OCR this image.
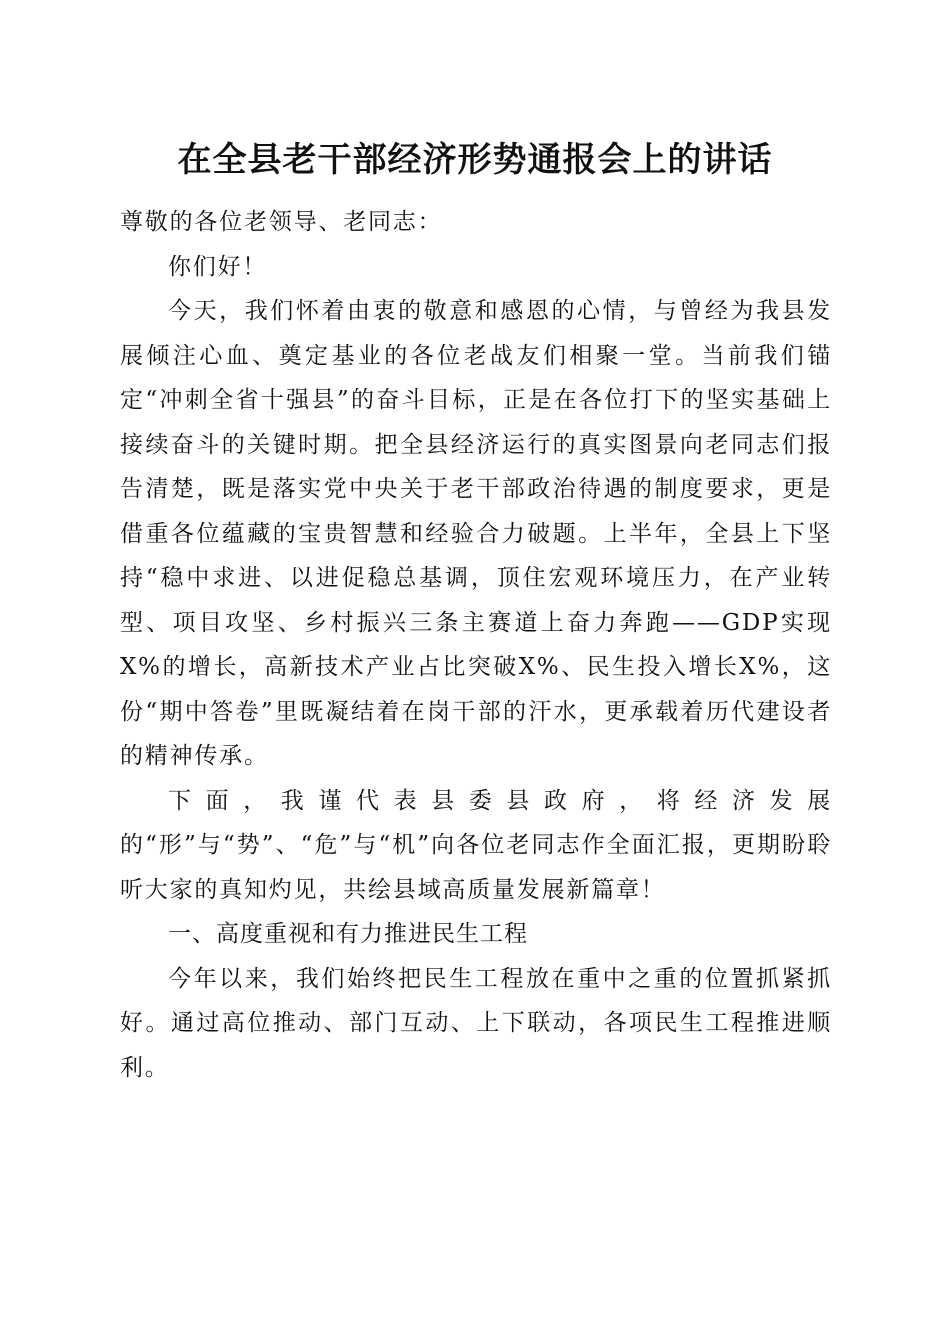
在全县老干部经济形势通报会上的讲话

尊敬的各位老领导、老同志：

你们好！

今天，我们怀着由衷的敬意和感恩的心情，与曾经为我县发展倾注心血、奠定基业的各位老战友们相聚一堂。当前我们锚定“冲刺全省十强县”的奋斗目标，正是在各位打下的坚实基础上接续奋斗的关键时期。把全县经济运行的真实图景向老同志们报告清楚，既是落实党中央关于老干部政治待遇的制度要求，更是借重各位蕴藏的宝贵智慧和经验合力破题。上半年，全县上下坚持“稳中求进、以进促稳总基调，顶住宏观环境压力，在产业转型、项目攻坚、乡村振兴三条主赛道上奋力奔跑——GDP实现X%的增长，高新技术产业占比突破X%、民生投入增长X%，这份“期中答卷”里既凝结着在岗干部的汗水，更承载着历代建设者的精神传承。

下面，我谨代表县委县政府，将经济发展的“形”与“势”、“危”与“机”向各位老同志作全面汇报，更期盼聆听大家的真知灼见，共绘县域高质量发展新篇章！

一、高度重视和有力推进民生工程

今年以来，我们始终把民生工程放在重中之重的位置抓紧抓好。通过高位推动、部门互动、上下联动，各项民生工程推进顺利。
